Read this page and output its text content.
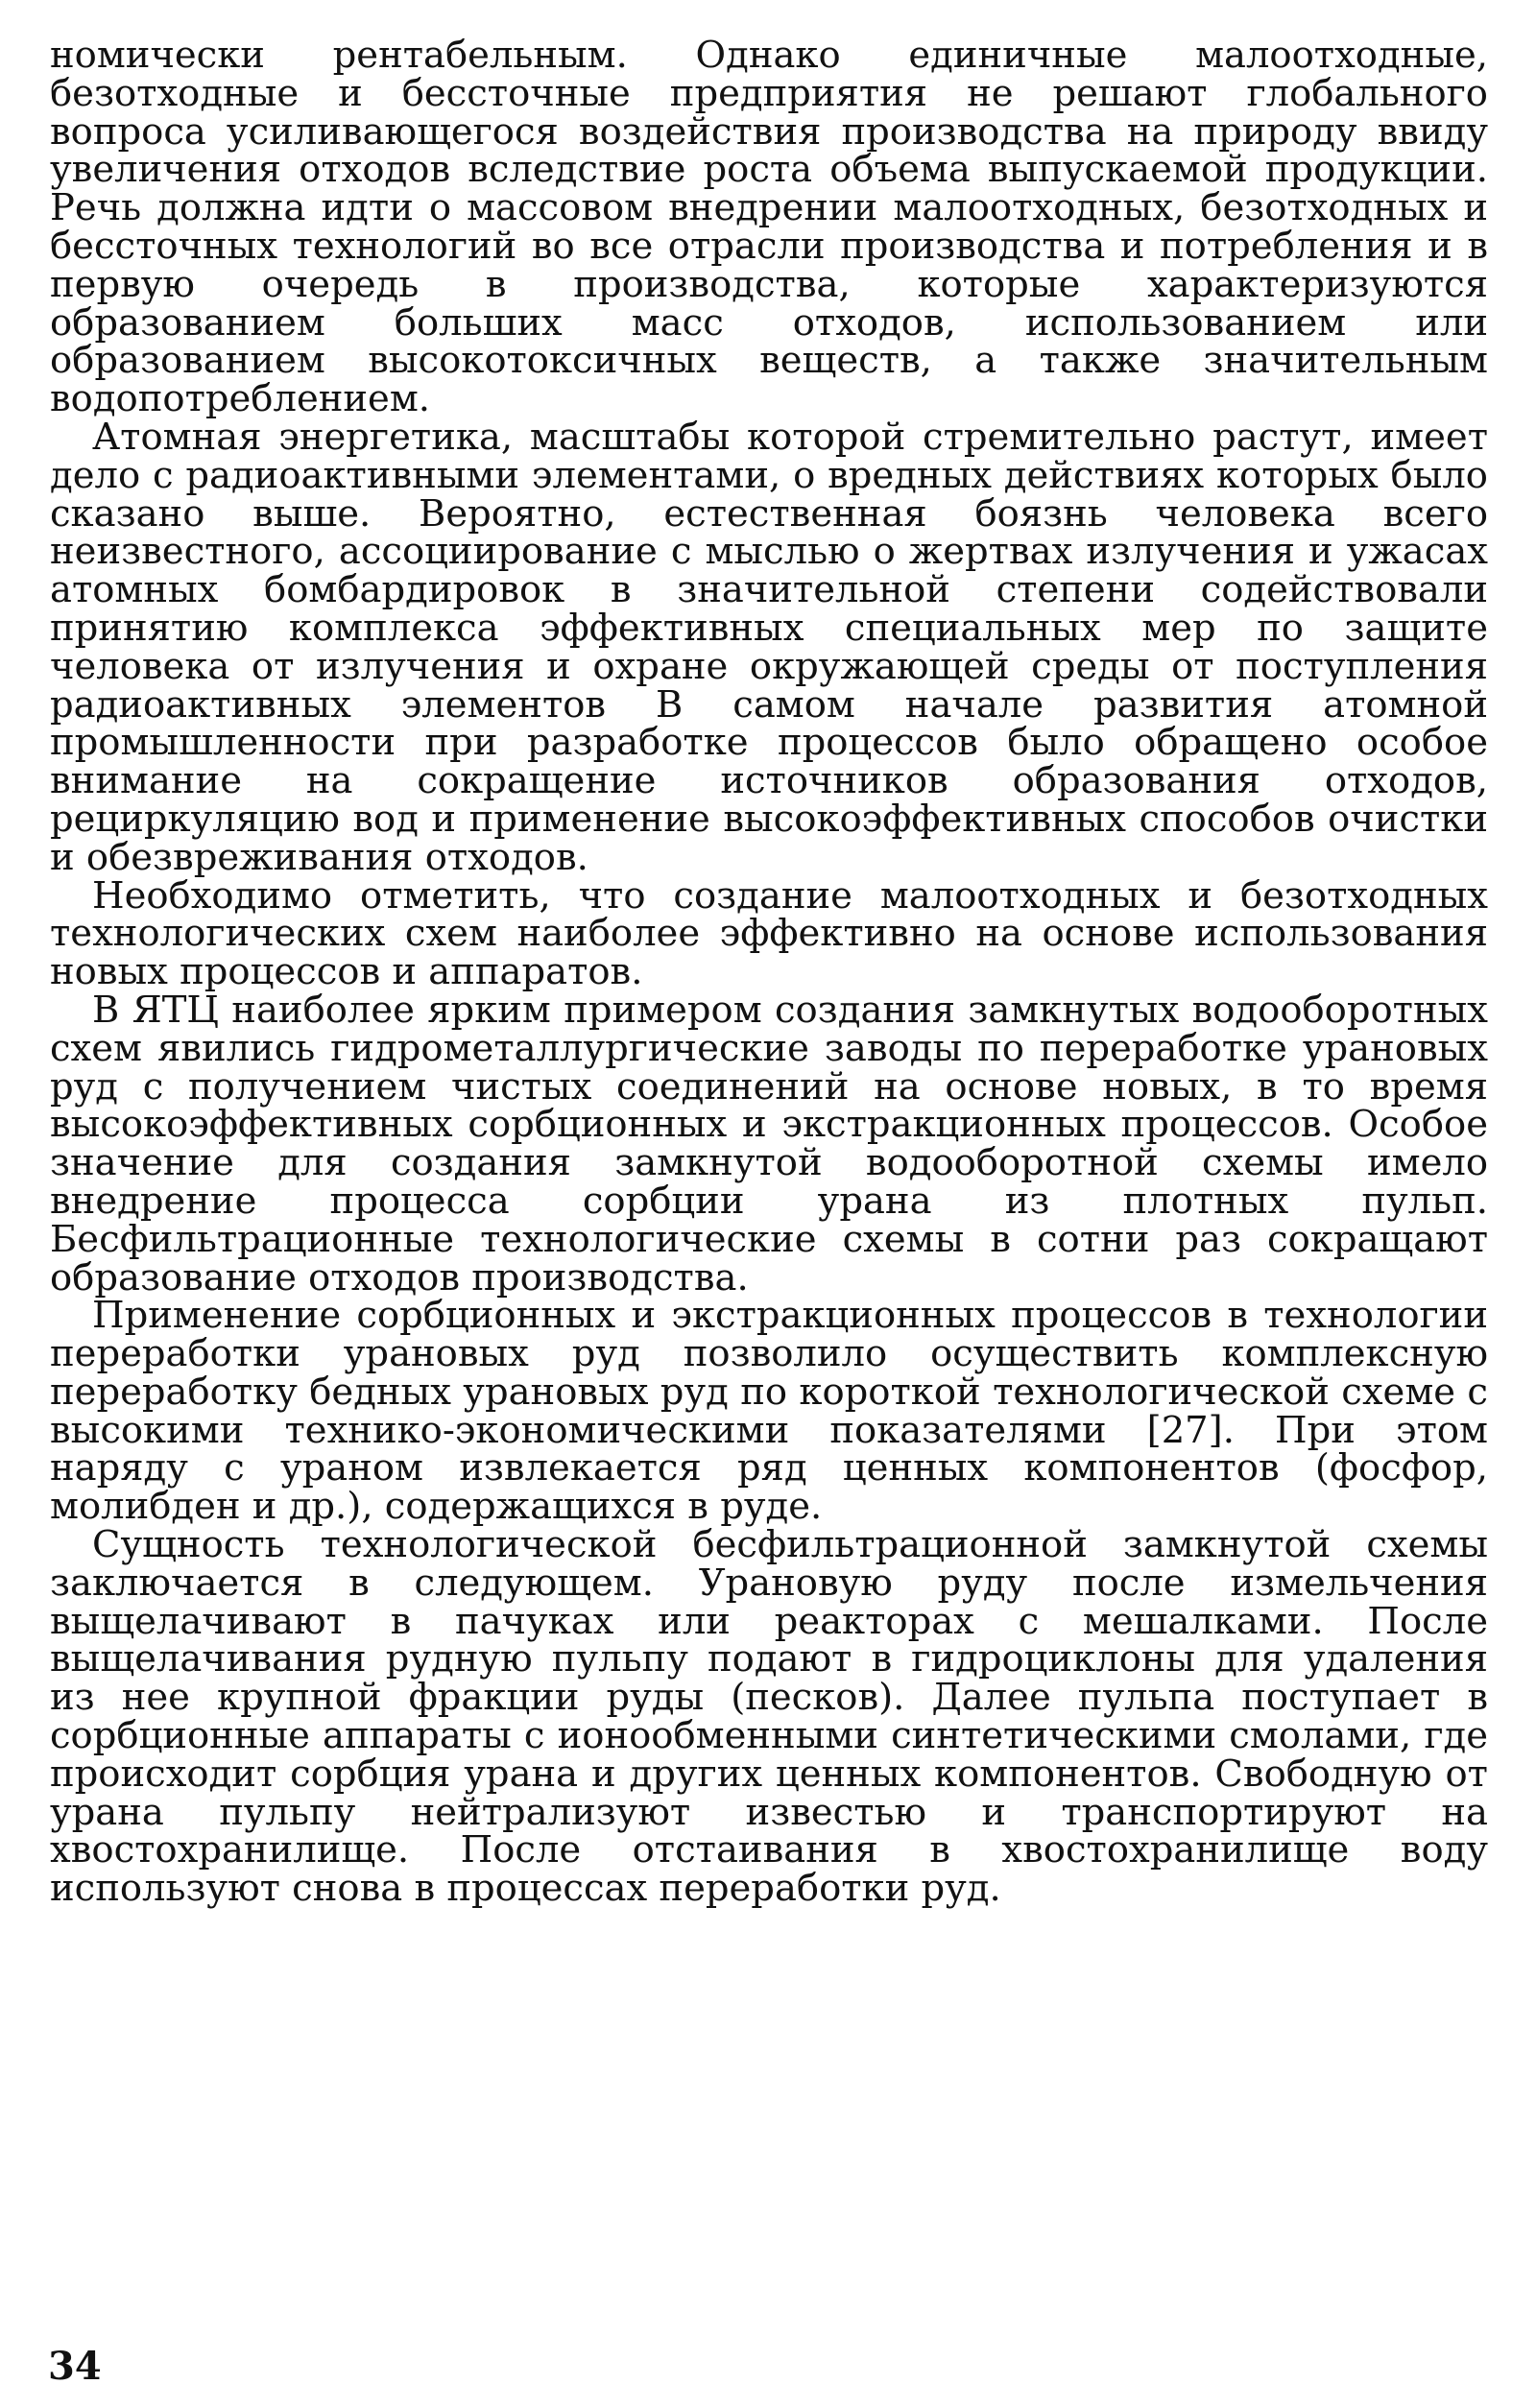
номически рентабельным. Однако единичные малоотходные, безотходные и бессточные предприятия не решают глобального вопроса усиливающегося воздействия производства на природу ввиду увеличения отходов вследствие роста объема выпускаемой продукции. Речь должна идти о массовом внедрении малоотходных, безотходных и бессточных технологий во все отрасли производства и потребления и в первую очередь в производства, которые характеризуются образованием больших масс отходов, использованием или образованием высокотоксичных веществ, а также значительным водопотреблением.

Атомная энергетика, масштабы которой стремительно растут, имеет дело с радиоактивными элементами, о вредных действиях которых было сказано выше. Вероятно, естественная боязнь человека всего неизвестного, ассоциирование с мыслью о жертвах излучения и ужасах атомных бомбардировок в значительной степени содействовали принятию комплекса эффективных специальных мер по защите человека от излучения и охране окружающей среды от поступления радиоактивных элементов В самом начале развития атомной промышленности при разработке процессов было обращено особое внимание на сокращение источников образования отходов, рециркуляцию вод и применение высокоэффективных способов очистки и обезвреживания отходов.

Необходимо отметить, что создание малоотходных и безотходных технологических схем наиболее эффективно на основе использования новых процессов и аппаратов.

В ЯТЦ наиболее ярким примером создания замкнутых водооборотных схем явились гидрометаллургические заводы по переработке урановых руд с получением чистых соединений на основе новых, в то время высокоэффективных сорбционных и экстракционных процессов. Особое значение для создания замкнутой водооборотной схемы имело внедрение процесса сорбции урана из плотных пульп. Бесфильтрационные технологические схемы в сотни раз сокращают образование отходов производства.

Применение сорбционных и экстракционных процессов в технологии переработки урановых руд позволило осуществить комплексную переработку бедных урановых руд по короткой технологической схеме с высокими технико-экономическими показателями [27]. При этом наряду с ураном извлекается ряд ценных компонентов (фосфор, молибден и др.), содержащихся в руде.

Сущность технологической бесфильтрационной замкнутой схемы заключается в следующем. Урановую руду после измельчения выщелачивают в пачуках или реакторах с мешалками. После выщелачивания рудную пульпу подают в гидроциклоны для удаления из нее крупной фракции руды (песков). Далее пульпа поступает в сорбционные аппараты с ионообменными синтетическими смолами, где происходит сорбция урана и других ценных компонентов. Свободную от урана пульпу нейтрализуют известью и транспортируют на хвостохранилище. После отстаивания в хвостохранилище воду используют снова в процессах переработки руд.

34
